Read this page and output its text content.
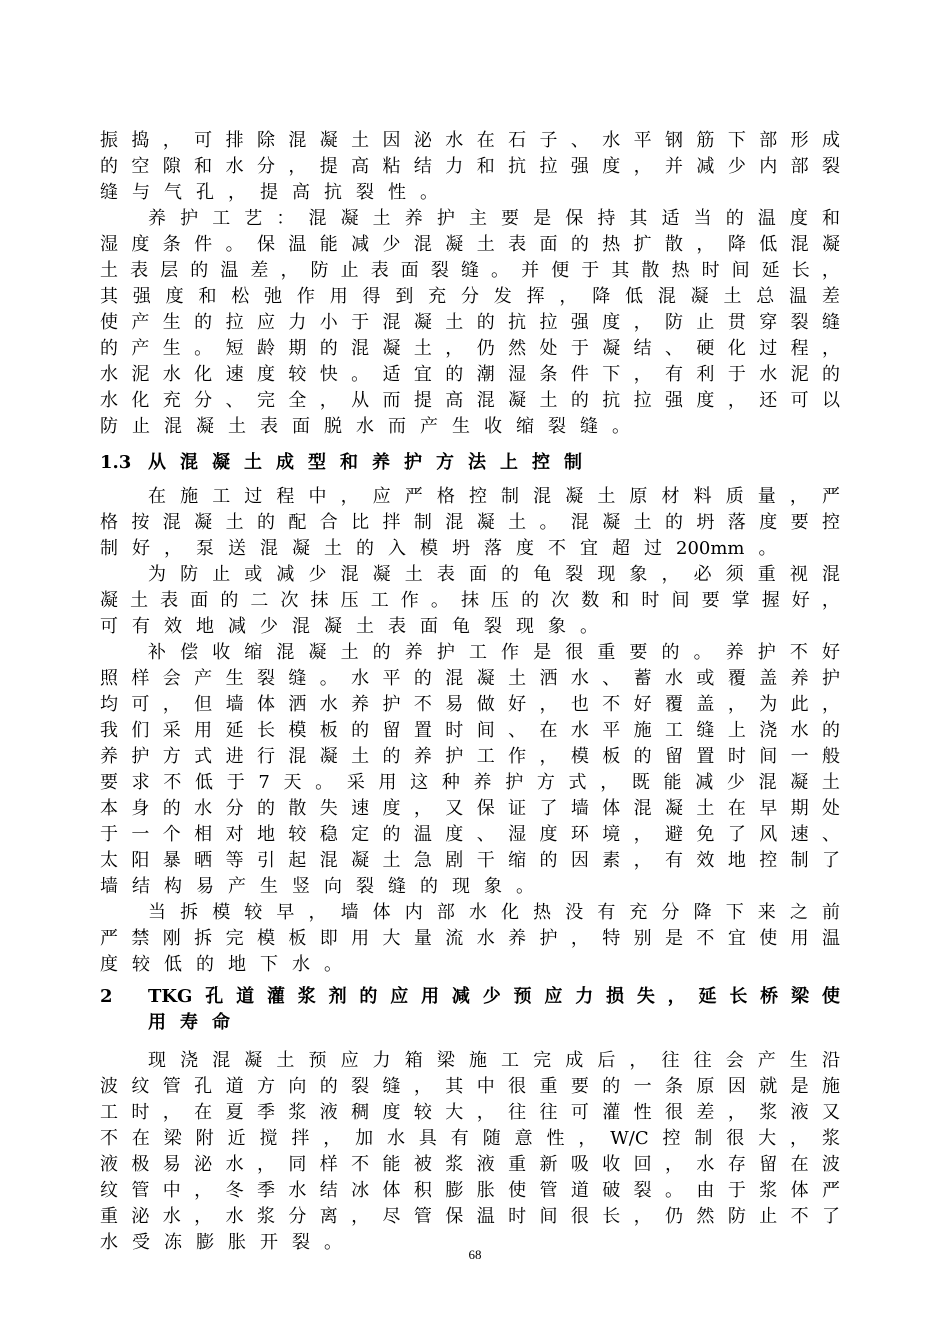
振 捣 ， 可 排 除 混 凝 土 因 泌 水 在 石 子 、 水 平 钢 筋 下 部 形 成
的 空 隙 和 水 分 ， 提 高 粘 结 力 和 抗 拉 强 度 ， 并 减 少 内 部 裂
缝 与 气 孔 ， 提 高 抗 裂 性 。
养 护 工 艺 ： 混 凝 土 养 护 主 要 是 保 持 其 适 当 的 温 度 和
湿 度 条 件 。 保 温 能 减 少 混 凝 土 表 面 的 热 扩 散 ， 降 低 混 凝
土 表 层 的 温 差 ， 防 止 表 面 裂 缝 。 并 便 于 其 散 热 时 间 延 长 ，
其 强 度 和 松 弛 作 用 得 到 充 分 发 挥 ， 降 低 混 凝 土 总 温 差
使 产 生 的 拉 应 力 小 于 混 凝 土 的 抗 拉 强 度 ， 防 止 贯 穿 裂 缝
的 产 生 。 短 龄 期 的 混 凝 土 ， 仍 然 处 于 凝 结 、 硬 化 过 程 ，
水 泥 水 化 速 度 较 快 。 适 宜 的 潮 湿 条 件 下 ， 有 利 于 水 泥 的
水 化 充 分 、 完 全 ， 从 而 提 高 混 凝 土 的 抗 拉 强 度 ， 还 可 以
防 止 混 凝 土 表 面 脱 水 而 产 生 收 缩 裂 缝 。
1.3 从 混 凝 土 成 型 和 养 护 方 法 上 控 制
在 施 工 过 程 中 ， 应 严 格 控 制 混 凝 土 原 材 料 质 量 ， 严
格 按 混 凝 土 的 配 合 比 拌 制 混 凝 土 。 混 凝 土 的 坍 落 度 要 控
制 好 ， 泵 送 混 凝 土 的 入 模 坍 落 度 不 宜 超 过 200mm 。
为 防 止 或 减 少 混 凝 土 表 面 的 龟 裂 现 象 ， 必 须 重 视 混
凝 土 表 面 的 二 次 抹 压 工 作 。 抹 压 的 次 数 和 时 间 要 掌 握 好 ，
可 有 效 地 减 少 混 凝 土 表 面 龟 裂 现 象 。
补 偿 收 缩 混 凝 土 的 养 护 工 作 是 很 重 要 的 。 养 护 不 好
照 样 会 产 生 裂 缝 。 水 平 的 混 凝 土 洒 水 、 蓄 水 或 覆 盖 养 护
均 可 ， 但 墙 体 洒 水 养 护 不 易 做 好 ， 也 不 好 覆 盖 ， 为 此 ，
我 们 采 用 延 长 模 板 的 留 置 时 间 、 在 水 平 施 工 缝 上 浇 水 的
养 护 方 式 进 行 混 凝 土 的 养 护 工 作 ， 模 板 的 留 置 时 间 一 般
要 求 不 低 于 7 天 。 采 用 这 种 养 护 方 式 ， 既 能 减 少 混 凝 土
本 身 的 水 分 的 散 失 速 度 ， 又 保 证 了 墙 体 混 凝 土 在 早 期 处
于 一 个 相 对 地 较 稳 定 的 温 度 、 湿 度 环 境 ， 避 免 了 风 速 、
太 阳 暴 晒 等 引 起 混 凝 土 急 剧 干 缩 的 因 素 ， 有 效 地 控 制 了
墙 结 构 易 产 生 竖 向 裂 缝 的 现 象 。
当 拆 模 较 早 ， 墙 体 内 部 水 化 热 没 有 充 分 降 下 来 之 前
严 禁 刚 拆 完 模 板 即 用 大 量 流 水 养 护 ， 特 别 是 不 宜 使 用 温
度 较 低 的 地 下 水 。
2 TKG 孔 道 灌 浆 剂 的 应 用 减 少 预 应 力 损 失 ， 延 长 桥 梁 使
用 寿 命
现 浇 混 凝 土 预 应 力 箱 梁 施 工 完 成 后 ， 往 往 会 产 生 沿
波 纹 管 孔 道 方 向 的 裂 缝 ， 其 中 很 重 要 的 一 条 原 因 就 是 施
工 时 ， 在 夏 季 浆 液 稠 度 较 大 ， 往 往 可 灌 性 很 差 ， 浆 液 又
不 在 梁 附 近 搅 拌 ， 加 水 具 有 随 意 性 ， W/C 控 制 很 大 ， 浆
液 极 易 泌 水 ， 同 样 不 能 被 浆 液 重 新 吸 收 回 ， 水 存 留 在 波
纹 管 中 ， 冬 季 水 结 冰 体 积 膨 胀 使 管 道 破 裂 。 由 于 浆 体 严
重 泌 水 ， 水 浆 分 离 ， 尽 管 保 温 时 间 很 长 ， 仍 然 防 止 不 了
水 受 冻 膨 胀 开 裂 。
68
